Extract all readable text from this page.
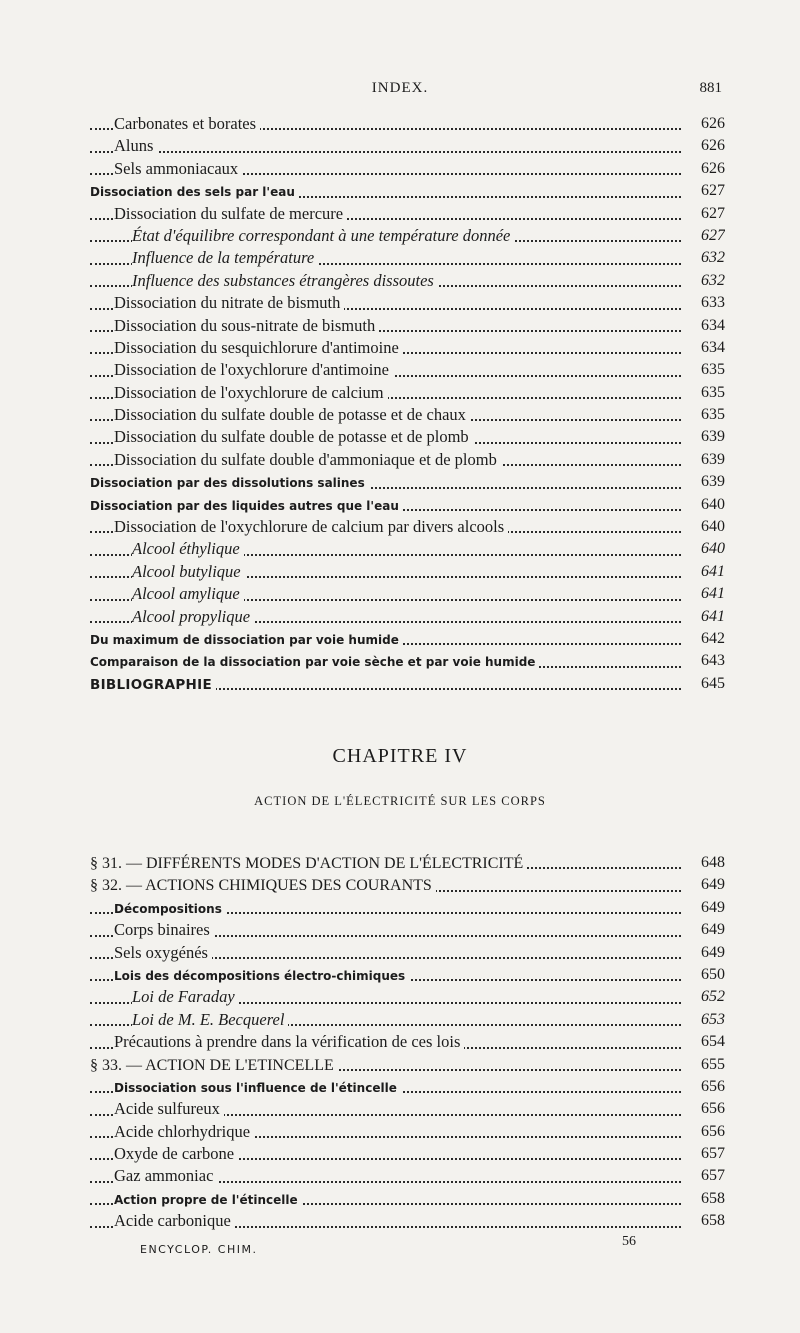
INDEX.	881
Carbonates et borates	626
Aluns	626
Sels ammoniacaux	626
Dissociation des sels par l'eau	627
Dissociation du sulfate de mercure	627
État d'équilibre correspondant à une température donnée	627
Influence de la température	632
Influence des substances étrangères dissoutes	632
Dissociation du nitrate de bismuth	633
Dissociation du sous-nitrate de bismuth	634
Dissociation du sesquichlorure d'antimoine	634
Dissociation de l'oxychlorure d'antimoine	635
Dissociation de l'oxychlorure de calcium	635
Dissociation du sulfate double de potasse et de chaux	635
Dissociation du sulfate double de potasse et de plomb	639
Dissociation du sulfate double d'ammoniaque et de plomb	639
Dissociation par des dissolutions salines	639
Dissociation par des liquides autres que l'eau	640
Dissociation de l'oxychlorure de calcium par divers alcools	640
Alcool éthylique	640
Alcool butylique	641
Alcool amylique	641
Alcool propylique	641
Du maximum de dissociation par voie humide	642
Comparaison de la dissociation par voie sèche et par voie humide	643
BIBLIOGRAPHIE	645
CHAPITRE IV
ACTION DE L'ÉLECTRICITÉ SUR LES CORPS
§ 31. — DIFFÉRENTS MODES D'ACTION DE L'ÉLECTRICITÉ	648
§ 32. — ACTIONS CHIMIQUES DES COURANTS	649
Décompositions	649
Corps binaires	649
Sels oxygénés	649
Lois des décompositions électro-chimiques	650
Loi de Faraday	652
Loi de M. E. Becquerel	653
Précautions à prendre dans la vérification de ces lois	654
§ 33. — ACTION DE L'ETINCELLE	655
Dissociation sous l'influence de l'étincelle	656
Acide sulfureux	656
Acide chlorhydrique	656
Oxyde de carbone	657
Gaz ammoniac	657
Action propre de l'étincelle	658
Acide carbonique	658
ENCYCLOP. CHIM.
56
